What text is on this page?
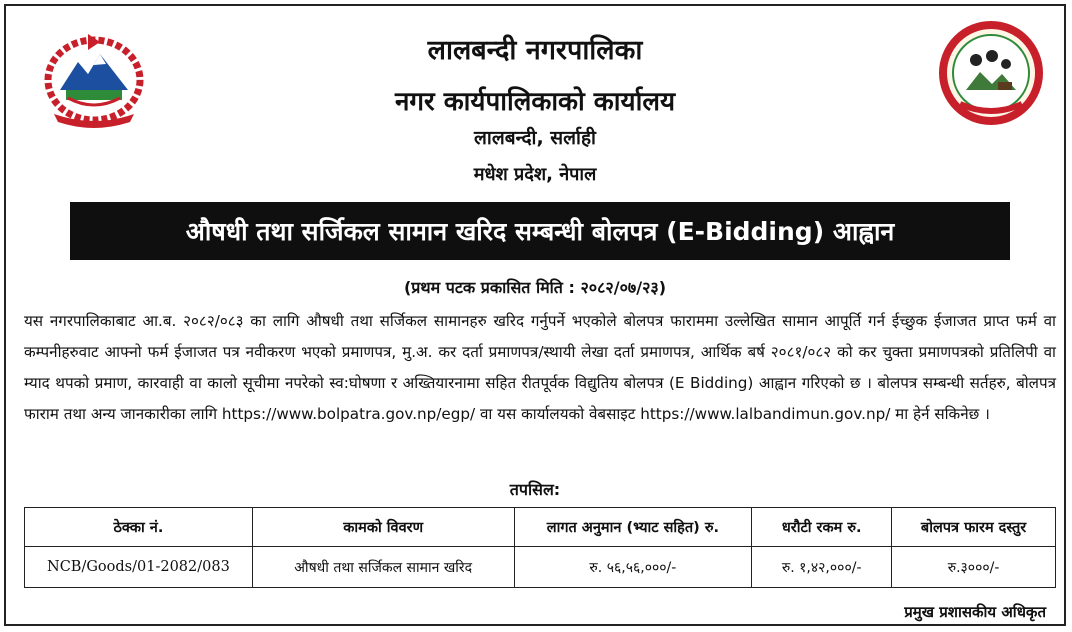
लालबन्दी नगरपालिका
नगर कार्यपालिकाको कार्यालय
लालबन्दी, सर्लाही
मधेश प्रदेश, नेपाल
औषधी तथा सर्जिकल सामान खरिद सम्बन्धी बोलपत्र (E-Bidding) आह्वान
(प्रथम पटक प्रकासित मिति : २०८२/०७/२३)
यस नगरपालिकाबाट आ.ब. २०८२/०८३ का लागि औषधी तथा सर्जिकल सामानहरु खरिद गर्नुपर्ने भएकोले बोलपत्र फाराममा उल्लेखित सामान आपूर्ति गर्न ईच्छुक ईजाजत प्राप्त फर्म वा कम्पनीहरुवाट आफ्नो फर्म ईजाजत पत्र नवीकरण भएको प्रमाणपत्र, मु.अ. कर दर्ता प्रमाणपत्र/स्थायी लेखा दर्ता प्रमाणपत्र, आर्थिक बर्ष २०८१/०८२ को कर चुक्ता प्रमाणपत्रको प्रतिलिपी वा म्याद थपको प्रमाण, कारवाही वा कालो सूचीमा नपरेको स्व:घोषणा र अख्तियारनामा सहित रीतपूर्वक विद्युतिय बोलपत्र (E Bidding) आह्वान गरिएको छ । बोलपत्र सम्बन्धी सर्तहरु, बोलपत्र फाराम तथा अन्य जानकारीका लागि https://www.bolpatra.gov.np/egp/ वा यस कार्यालयको वेबसाइट https://www.lalbandimun.gov.np/ मा हेर्न सकिनेछ ।
तपसिल:
ठेक्का नं.	कामको विवरण	लागत अनुमान (भ्याट सहित) रु.	धरौटी रकम रु.	बोलपत्र फारम दस्तुर
NCB/Goods/01-2082/083	औषधी तथा सर्जिकल सामान खरिद	रु. ५६,५६,०००/-	रु. १,४२,०००/-	रु.३०००/-
प्रमुख प्रशासकीय अधिकृत
